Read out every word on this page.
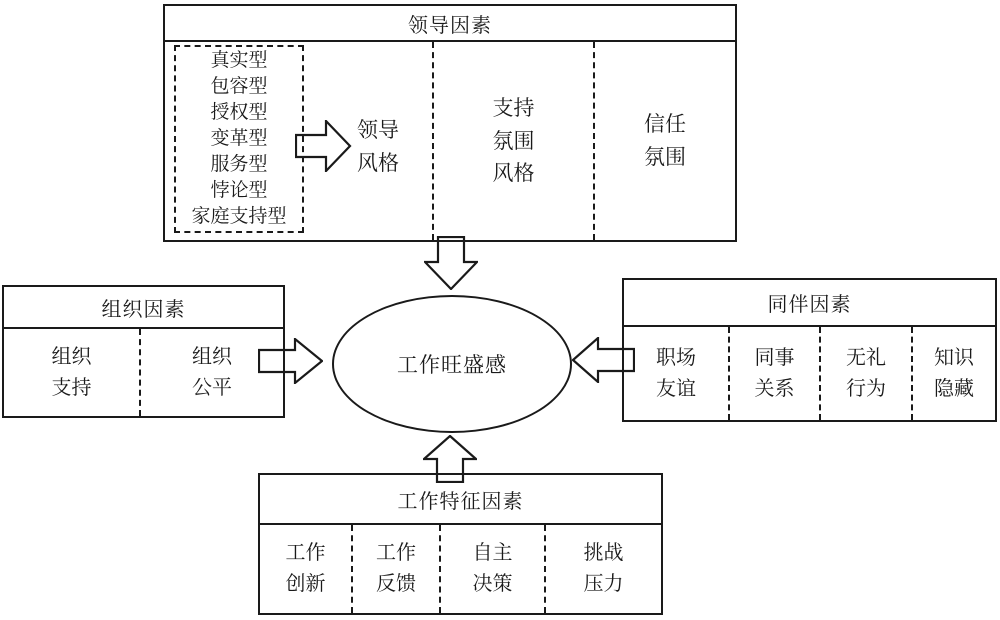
领导因素
真实型
包容型
授权型
变革型
服务型
悖论型
家庭支持型
领导风格
支持氛围风格
信任氛围
组织因素
组织支持
组织公平
同伴因素
职场友谊
同事关系
无礼行为
知识隐藏
工作特征因素
工作创新
工作反馈
自主决策
挑战压力
工作旺盛感
